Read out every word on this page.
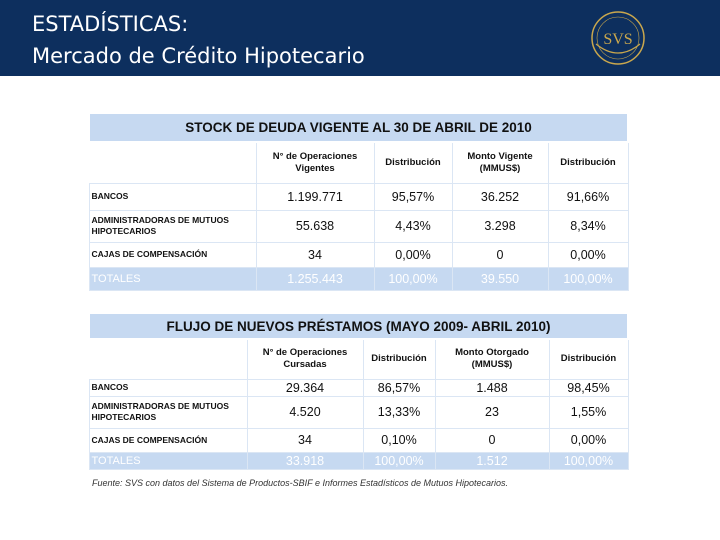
ESTADÍSTICAS:
Mercado de Crédito Hipotecario
SVS
STOCK DE DEUDA VIGENTE AL 30 DE ABRIL DE 2010				
	N° de Operaciones Vigentes	Distribución	Monto Vigente (MMUS$)	Distribución
BANCOS	1.199.771	95,57%	36.252	91,66%
ADMINISTRADORAS DE MUTUOS HIPOTECARIOS	55.638	4,43%	3.298	8,34%
CAJAS DE COMPENSACIÓN	34	0,00%	0	0,00%
TOTALES	1.255.443	100,00%	39.550	100,00%
FLUJO DE NUEVOS PRÉSTAMOS (MAYO 2009- ABRIL 2010)				
	N° de Operaciones Cursadas	Distribución	Monto Otorgado (MMUS$)	Distribución
BANCOS	29.364	86,57%	1.488	98,45%
ADMINISTRADORAS DE MUTUOS HIPOTECARIOS	4.520	13,33%	23	1,55%
CAJAS DE COMPENSACIÓN	34	0,10%	0	0,00%
TOTALES	33.918	100,00%	1.512	100,00%
Fuente: SVS con datos del Sistema de Productos-SBIF e Informes Estadísticos de Mutuos Hipotecarios.
